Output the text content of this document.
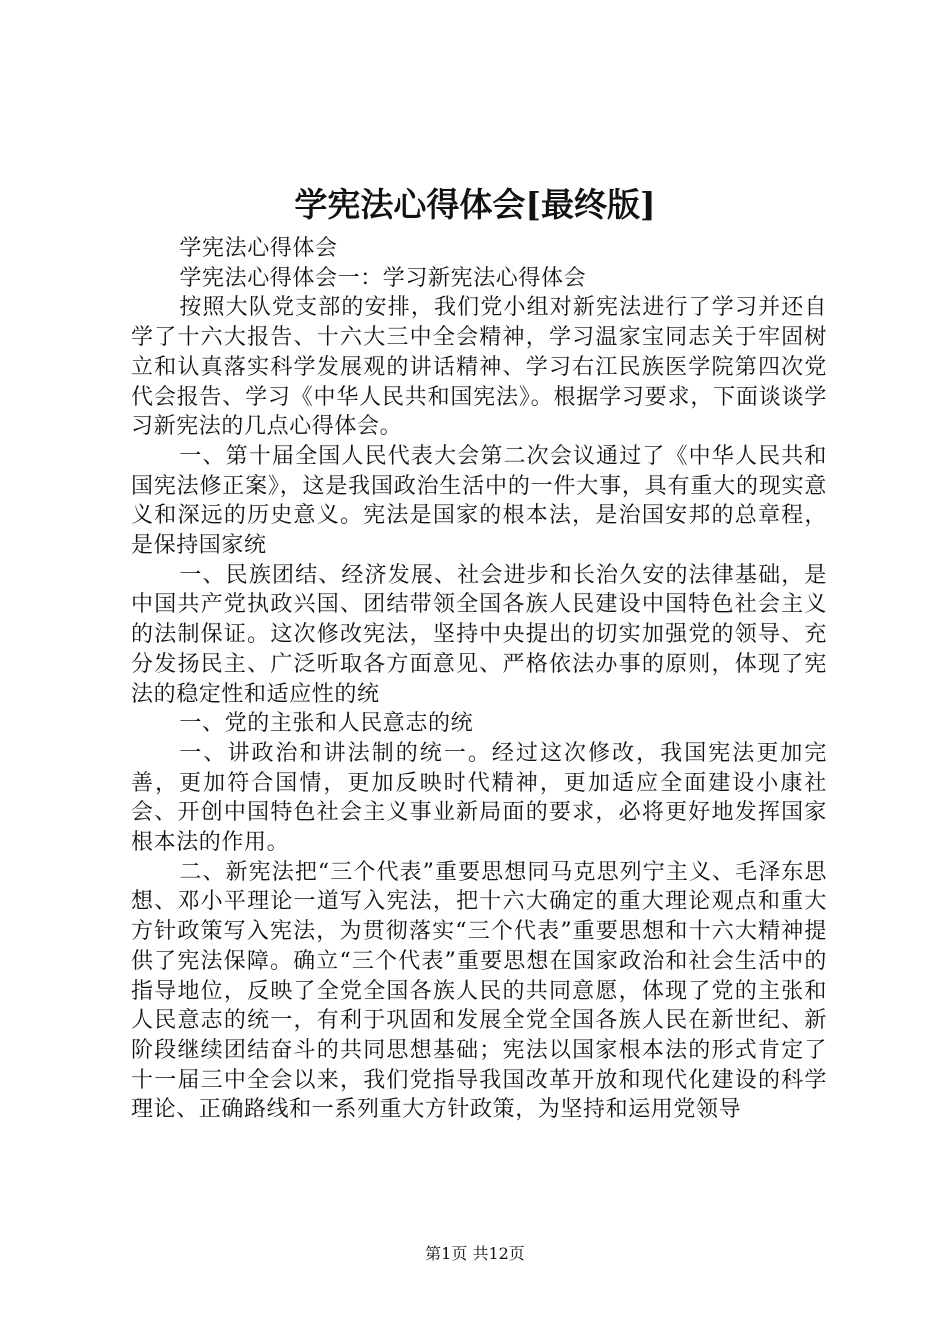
学宪法心得体会[最终版]

学宪法心得体会

学宪法心得体会一：学习新宪法心得体会

按照大队党支部的安排，我们党小组对新宪法进行了学习并还自学了十六大报告、十六大三中全会精神，学习温家宝同志关于牢固树立和认真落实科学发展观的讲话精神、学习右江民族医学院第四次党代会报告、学习《中华人民共和国宪法》。根据学习要求，下面谈谈学习新宪法的几点心得体会。

一、第十届全国人民代表大会第二次会议通过了《中华人民共和国宪法修正案》，这是我国政治生活中的一件大事，具有重大的现实意义和深远的历史意义。宪法是国家的根本法，是治国安邦的总章程，是保持国家统

一、民族团结、经济发展、社会进步和长治久安的法律基础，是中国共产党执政兴国、团结带领全国各族人民建设中国特色社会主义的法制保证。这次修改宪法，坚持中央提出的切实加强党的领导、充分发扬民主、广泛听取各方面意见、严格依法办事的原则，体现了宪法的稳定性和适应性的统

一、党的主张和人民意志的统

一、讲政治和讲法制的统一。经过这次修改，我国宪法更加完善，更加符合国情，更加反映时代精神，更加适应全面建设小康社会、开创中国特色社会主义事业新局面的要求，必将更好地发挥国家根本法的作用。

二、新宪法把“三个代表”重要思想同马克思列宁主义、毛泽东思想、邓小平理论一道写入宪法，把十六大确定的重大理论观点和重大方针政策写入宪法，为贯彻落实“三个代表”重要思想和十六大精神提供了宪法保障。确立“三个代表”重要思想在国家政治和社会生活中的指导地位，反映了全党全国各族人民的共同意愿，体现了党的主张和人民意志的统一，有利于巩固和发展全党全国各族人民在新世纪、新阶段继续团结奋斗的共同思想基础；宪法以国家根本法的形式肯定了十一届三中全会以来，我们党指导我国改革开放和现代化建设的科学理论、正确路线和一系列重大方针政策，为坚持和运用党领导

第1页 共12页
